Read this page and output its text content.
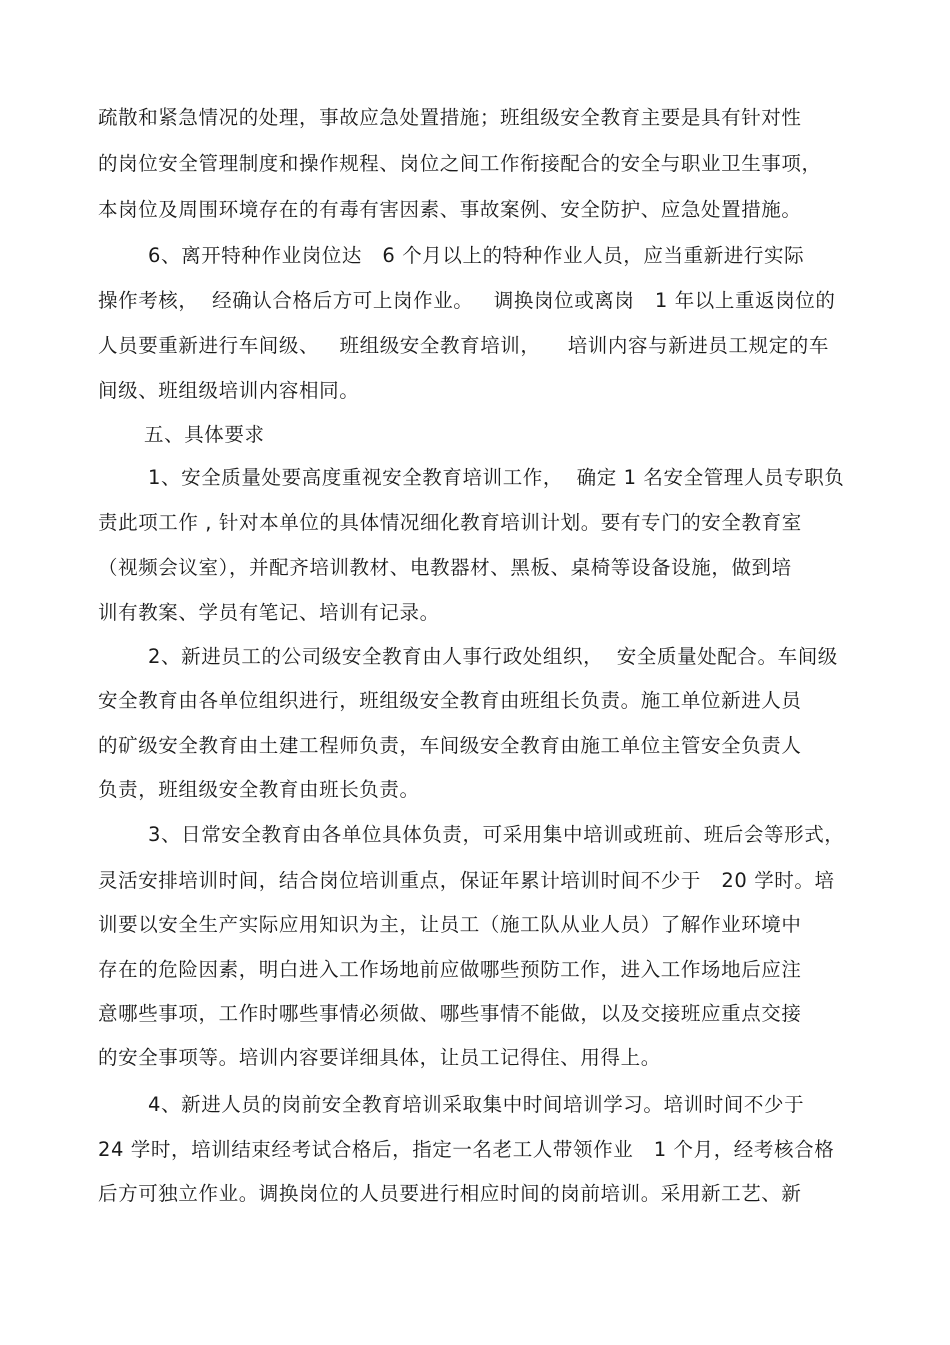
疏散和紧急情况的处理，事故应急处置措施；班组级安全教育主要是具有针对性
的岗位安全管理制度和操作规程、岗位之间工作衔接配合的安全与职业卫生事项，
本岗位及周围环境存在的有毒有害因素、事故案例、安全防护、应急处置措施。
6、离开特种作业岗位达   6 个月以上的特种作业人员，应当重新进行实际
操作考核，  经确认合格后方可上岗作业。   调换岗位或离岗   1 年以上重返岗位的
人员要重新进行车间级、   班组级安全教育培训，    培训内容与新进员工规定的车
间级、班组级培训内容相同。
五、具体要求
1、安全质量处要高度重视安全教育培训工作，  确定 1 名安全管理人员专职负
责此项工作 , 针对本单位的具体情况细化教育培训计划。要有专门的安全教育室
（视频会议室），并配齐培训教材、电教器材、黑板、桌椅等设备设施，做到培
训有教案、学员有笔记、培训有记录。
2、新进员工的公司级安全教育由人事行政处组织，  安全质量处配合。车间级
安全教育由各单位组织进行，班组级安全教育由班组长负责。施工单位新进人员
的矿级安全教育由土建工程师负责，车间级安全教育由施工单位主管安全负责人
负责，班组级安全教育由班长负责。
3、日常安全教育由各单位具体负责，可采用集中培训或班前、班后会等形式，
灵活安排培训时间，结合岗位培训重点，保证年累计培训时间不少于   20 学时。培
训要以安全生产实际应用知识为主，让员工（施工队从业人员）了解作业环境中
存在的危险因素，明白进入工作场地前应做哪些预防工作，进入工作场地后应注
意哪些事项，工作时哪些事情必须做、哪些事情不能做，以及交接班应重点交接
的安全事项等。培训内容要详细具体，让员工记得住、用得上。
4、新进人员的岗前安全教育培训采取集中时间培训学习。培训时间不少于
24 学时，培训结束经考试合格后，指定一名老工人带领作业   1 个月，经考核合格
后方可独立作业。调换岗位的人员要进行相应时间的岗前培训。采用新工艺、新
